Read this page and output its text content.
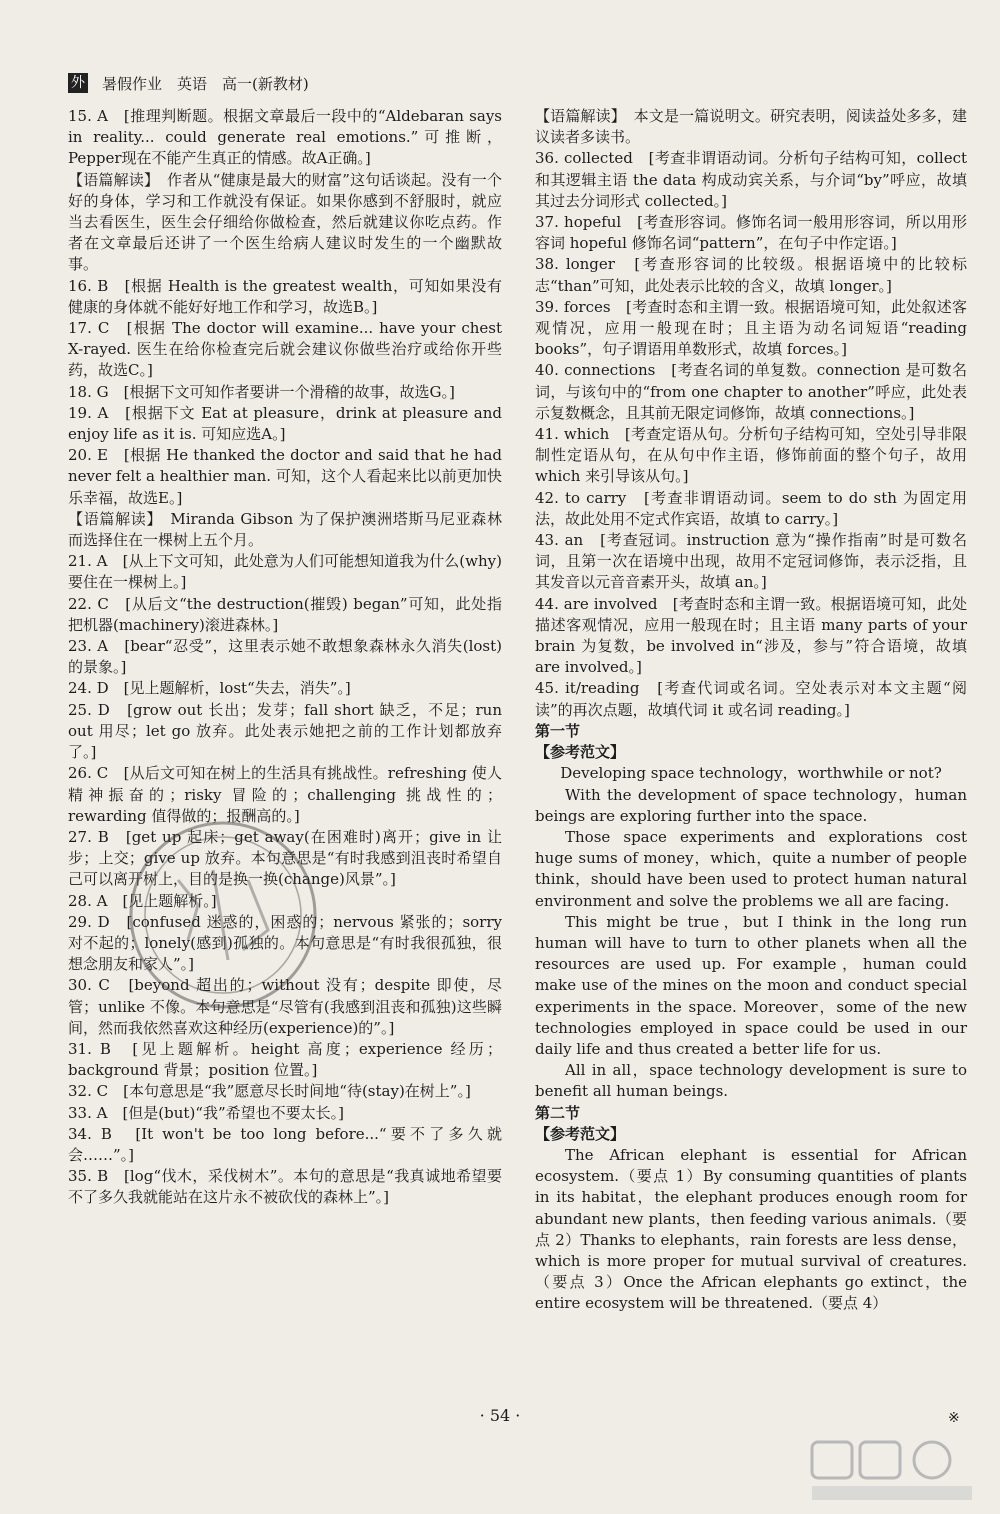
外 暑假作业　英语　高一(新教材)

15. A　[推理判断题。根据文章最后一段中的“Aldebaran says in reality... could generate real emotions.”可推断，Pepper现在不能产生真正的情感。故A正确。]

【语篇解读】　作者从“健康是最大的财富”这句话谈起。没有一个好的身体，学习和工作就没有保证。如果你感到不舒服时，就应当去看医生，医生会仔细给你做检查，然后就建议你吃点药。作者在文章最后还讲了一个医生给病人建议时发生的一个幽默故事。

16. B　[根据 Health is the greatest wealth，可知如果没有健康的身体就不能好好地工作和学习，故选B。]

17. C　[根据 The doctor will examine... have your chest X-rayed. 医生在给你检查完后就会建议你做些治疗或给你开些药，故选C。]

18. G　[根据下文可知作者要讲一个滑稽的故事，故选G。]

19. A　[根据下文 Eat at pleasure，drink at pleasure and enjoy life as it is. 可知应选A。]

20. E　[根据 He thanked the doctor and said that he had never felt a healthier man. 可知，这个人看起来比以前更加快乐幸福，故选E。]

【语篇解读】　Miranda Gibson 为了保护澳洲塔斯马尼亚森林而选择住在一棵树上五个月。

21. A　[从上下文可知，此处意为人们可能想知道我为什么(why)要住在一棵树上。]

22. C　[从后文“the destruction(摧毁) began”可知，此处指把机器(machinery)滚进森林。]

23. A　[bear“忍受”，这里表示她不敢想象森林永久消失(lost)的景象。]

24. D　[见上题解析，lost“失去，消失”。]

25. D　[grow out 长出；发芽；fall short 缺乏，不足；run out 用尽；let go 放弃。此处表示她把之前的工作计划都放弃了。]

26. C　[从后文可知在树上的生活具有挑战性。refreshing 使人精神振奋的；risky 冒险的；challenging 挑战性的；rewarding 值得做的；报酬高的。]

27. B　[get up 起床；get away(在困难时)离开；give in 让步；上交；give up 放弃。本句意思是“有时我感到沮丧时希望自己可以离开树上，目的是换一换(change)风景”。]

28. A　[见上题解析。]

29. D　[confused 迷惑的，困惑的；nervous 紧张的；sorry 对不起的；lonely(感到)孤独的。本句意思是“有时我很孤独，很想念朋友和家人”。]

30. C　[beyond 超出的；without 没有；despite 即使，尽管；unlike 不像。本句意思是“尽管有(我感到沮丧和孤独)这些瞬间，然而我依然喜欢这种经历(experience)的”。]

31. B　[见上题解析。height 高度；experience 经历；background 背景；position 位置。]

32. C　[本句意思是“我”愿意尽长时间地“待(stay)在树上”。]

33. A　[但是(but)“我”希望也不要太长。]

34. B　[It won't be too long before...“要不了多久就会……”。]

35. B　[log“伐木，采伐树木”。本句的意思是“我真诚地希望要不了多久我就能站在这片永不被砍伐的森林上”。]

【语篇解读】　本文是一篇说明文。研究表明，阅读益处多多，建议读者多读书。

36. collected　[考查非谓语动词。分析句子结构可知，collect 和其逻辑主语 the data 构成动宾关系，与介词“by”呼应，故填其过去分词形式 collected。]

37. hopeful　[考查形容词。修饰名词一般用形容词，所以用形容词 hopeful 修饰名词“pattern”，在句子中作定语。]

38. longer　[考查形容词的比较级。根据语境中的比较标志“than”可知，此处表示比较的含义，故填 longer。]

39. forces　[考查时态和主谓一致。根据语境可知，此处叙述客观情况，应用一般现在时；且主语为动名词短语“reading books”，句子谓语用单数形式，故填 forces。]

40. connections　[考查名词的单复数。connection 是可数名词，与该句中的“from one chapter to another”呼应，此处表示复数概念，且其前无限定词修饰，故填 connections。]

41. which　[考查定语从句。分析句子结构可知，空处引导非限制性定语从句，在从句中作主语，修饰前面的整个句子，故用 which 来引导该从句。]

42. to carry　[考查非谓语动词。seem to do sth 为固定用法，故此处用不定式作宾语，故填 to carry。]

43. an　[考查冠词。instruction 意为“操作指南”时是可数名词，且第一次在语境中出现，故用不定冠词修饰，表示泛指，且其发音以元音音素开头，故填 an。]

44. are involved　[考查时态和主谓一致。根据语境可知，此处描述客观情况，应用一般现在时；且主语 many parts of your brain 为复数，be involved in“涉及，参与”符合语境，故填 are involved。]

45. it/reading　[考查代词或名词。空处表示对本文主题“阅读”的再次点题，故填代词 it 或名词 reading。]

第一节

【参考范文】

Developing space technology，worthwhile or not?

With the development of space technology，human beings are exploring further into the space.

Those space experiments and explorations cost huge sums of money，which，quite a number of people think，should have been used to protect human natural environment and solve the problems we all are facing.

This might be true，but I think in the long run human will have to turn to other planets when all the resources are used up. For example，human could make use of the mines on the moon and conduct special experiments in the space. Moreover，some of the new technologies employed in space could be used in our daily life and thus created a better life for us.

All in all，space technology development is sure to benefit all human beings.

第二节

【参考范文】

The African elephant is essential for African ecosystem.（要点 1）By consuming quantities of plants in its habitat，the elephant produces enough room for abundant new plants，then feeding various animals.（要点 2）Thanks to elephants，rain forests are less dense，which is more proper for mutual survival of creatures.（要点 3）Once the African elephants go extinct，the entire ecosystem will be threatened.（要点 4）

· 54 ·	※
